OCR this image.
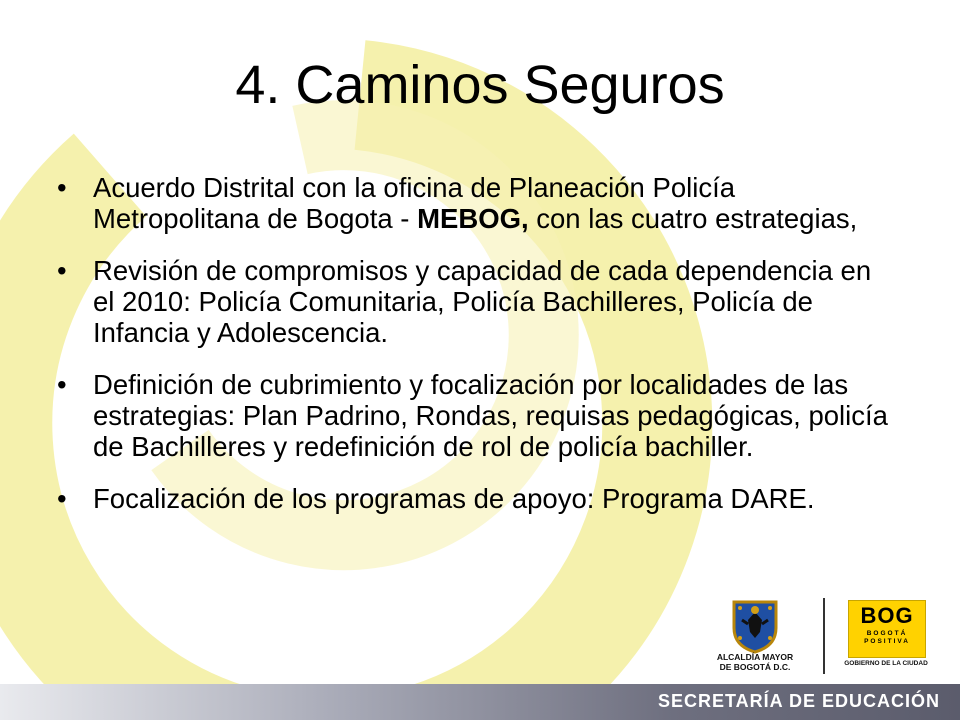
4. Caminos Seguros
• Acuerdo Distrital con la oficina de Planeación Policía Metropolitana de Bogota - MEBOG, con las cuatro estrategias,
• Revisión de compromisos y capacidad de cada dependencia en el 2010: Policía Comunitaria, Policía Bachilleres, Policía de Infancia y Adolescencia.
• Definición de cubrimiento y focalización por localidades de las estrategias: Plan Padrino, Rondas, requisas pedagógicas, policía de Bachilleres y redefinición de rol de policía bachiller.
• Focalización de los programas de apoyo: Programa DARE.
ALCALDÍA MAYOR
DE BOGOTÁ D.C.
BOG
BOGOTÁ
POSITIVA
GOBIERNO DE LA CIUDAD
SECRETARÍA DE EDUCACIÓN
